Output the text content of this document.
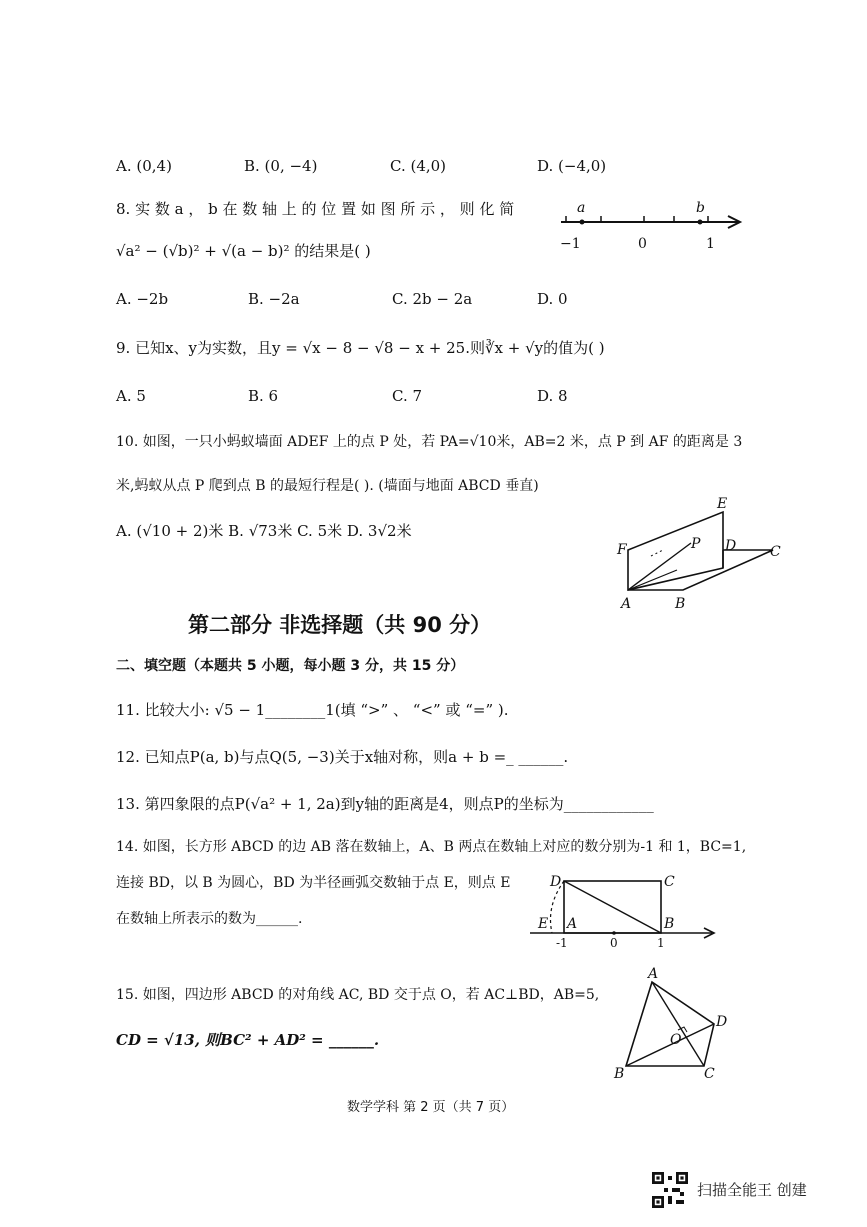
A. (0,4)	B. (0, −4)	C. (4,0)	D. (−4,0)
8. 实 数 a ， b 在 数 轴 上 的 位 置 如 图 所 示 ， 则 化 简
√a² − (√b)² + √(a − b)² 的结果是( )
a	b
−1	0	1
A. −2b	B. −2a	C. 2b − 2a	D. 0
9. 已知x、y为实数，且y = √x − 8 − √8 − x + 25.则∛x + √y的值为( )
A. 5	B. 6	C. 7	D. 8
10. 如图，一只小蚂蚁墙面 ADEF 上的点 P 处，若 PA=√10米，AB=2 米，点 P 到 AF 的距离是 3
米,蚂蚁从点 P 爬到点 B 的最短行程是( ). (墙面与地面 ABCD 垂直)
A. (√10 + 2)米 B. √73米 C. 5米 D. 3√2米
E
F	P D C
A	B
第二部分 非选择题（共 90 分）
二、填空题（本题共 5 小题，每小题 3 分，共 15 分）
11. 比较大小: √5 − 1________1(填 “>” 、 “<” 或 “=” ).
12. 已知点P(a, b)与点Q(5, −3)关于x轴对称，则a + b =_ ______.
13. 第四象限的点P(√a² + 1, 2a)到y轴的距离是4，则点P的坐标为____________
14. 如图，长方形 ABCD 的边 AB 落在数轴上，A、B 两点在数轴上对应的数分别为-1 和 1，BC=1,
连接 BD，以 B 为圆心，BD 为半径画弧交数轴于点 E，则点 E
在数轴上所表示的数为______.
D	C
E A	B
-1	0	1
15. 如图，四边形 ABCD 的对角线 AC, BD 交于点 O，若 AC⊥BD，AB=5,
CD = √13, 则BC² + AD² = ______.
A
D
O
B	C
数学学科 第 2 页（共 7 页）
扫描全能王 创建
